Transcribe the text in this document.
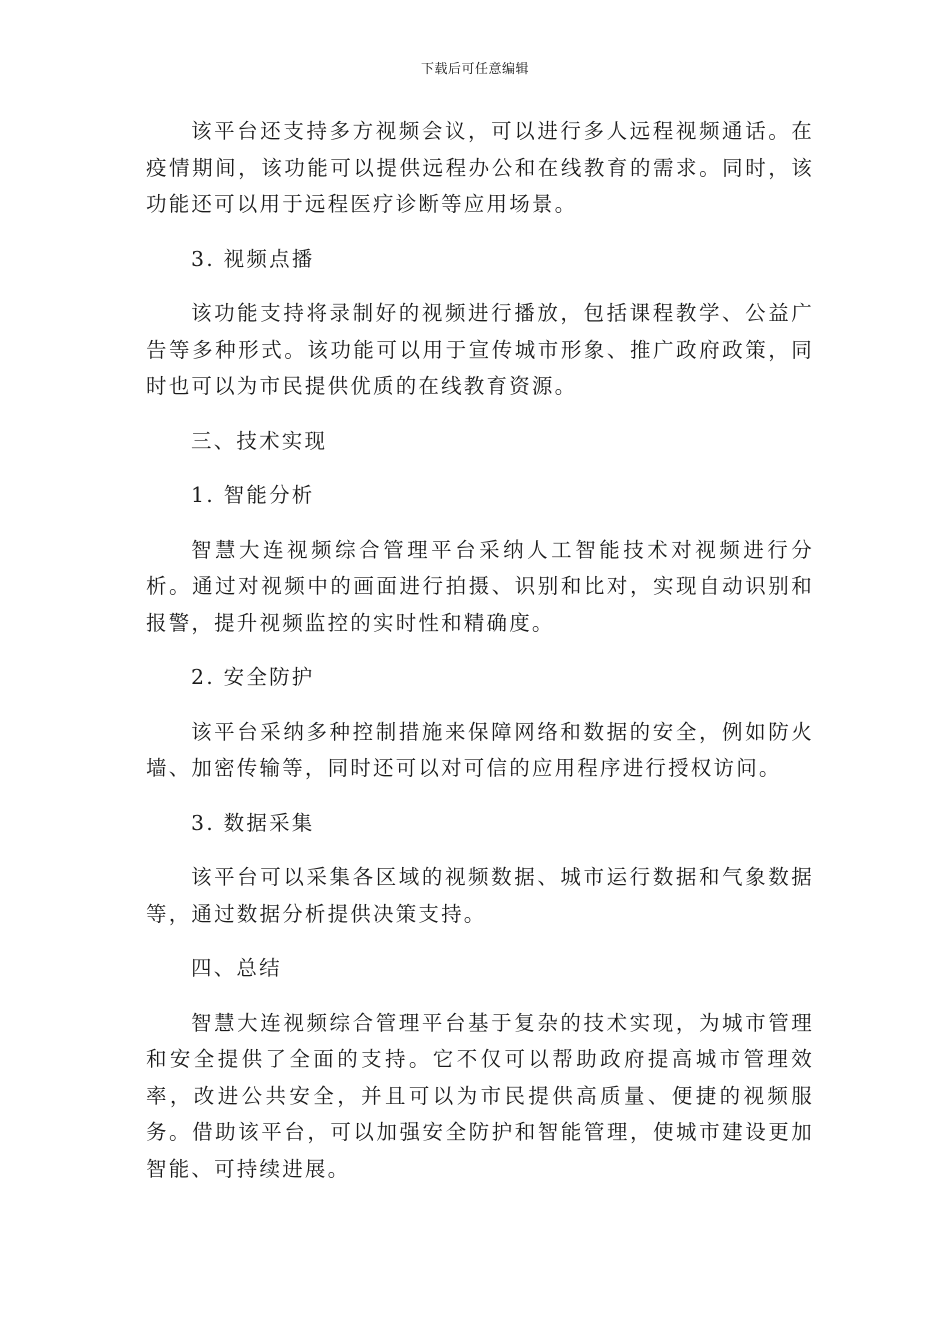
下载后可任意编辑

该平台还支持多方视频会议，可以进行多人远程视频通话。在疫情期间，该功能可以提供远程办公和在线教育的需求。同时，该功能还可以用于远程医疗诊断等应用场景。

3. 视频点播

该功能支持将录制好的视频进行播放，包括课程教学、公益广告等多种形式。该功能可以用于宣传城市形象、推广政府政策，同时也可以为市民提供优质的在线教育资源。

三、技术实现

1. 智能分析

智慧大连视频综合管理平台采纳人工智能技术对视频进行分析。通过对视频中的画面进行拍摄、识别和比对，实现自动识别和报警，提升视频监控的实时性和精确度。

2. 安全防护

该平台采纳多种控制措施来保障网络和数据的安全，例如防火墙、加密传输等，同时还可以对可信的应用程序进行授权访问。

3. 数据采集

该平台可以采集各区域的视频数据、城市运行数据和气象数据等，通过数据分析提供决策支持。

四、总结

智慧大连视频综合管理平台基于复杂的技术实现，为城市管理和安全提供了全面的支持。它不仅可以帮助政府提高城市管理效率，改进公共安全，并且可以为市民提供高质量、便捷的视频服务。借助该平台，可以加强安全防护和智能管理，使城市建设更加智能、可持续进展。
